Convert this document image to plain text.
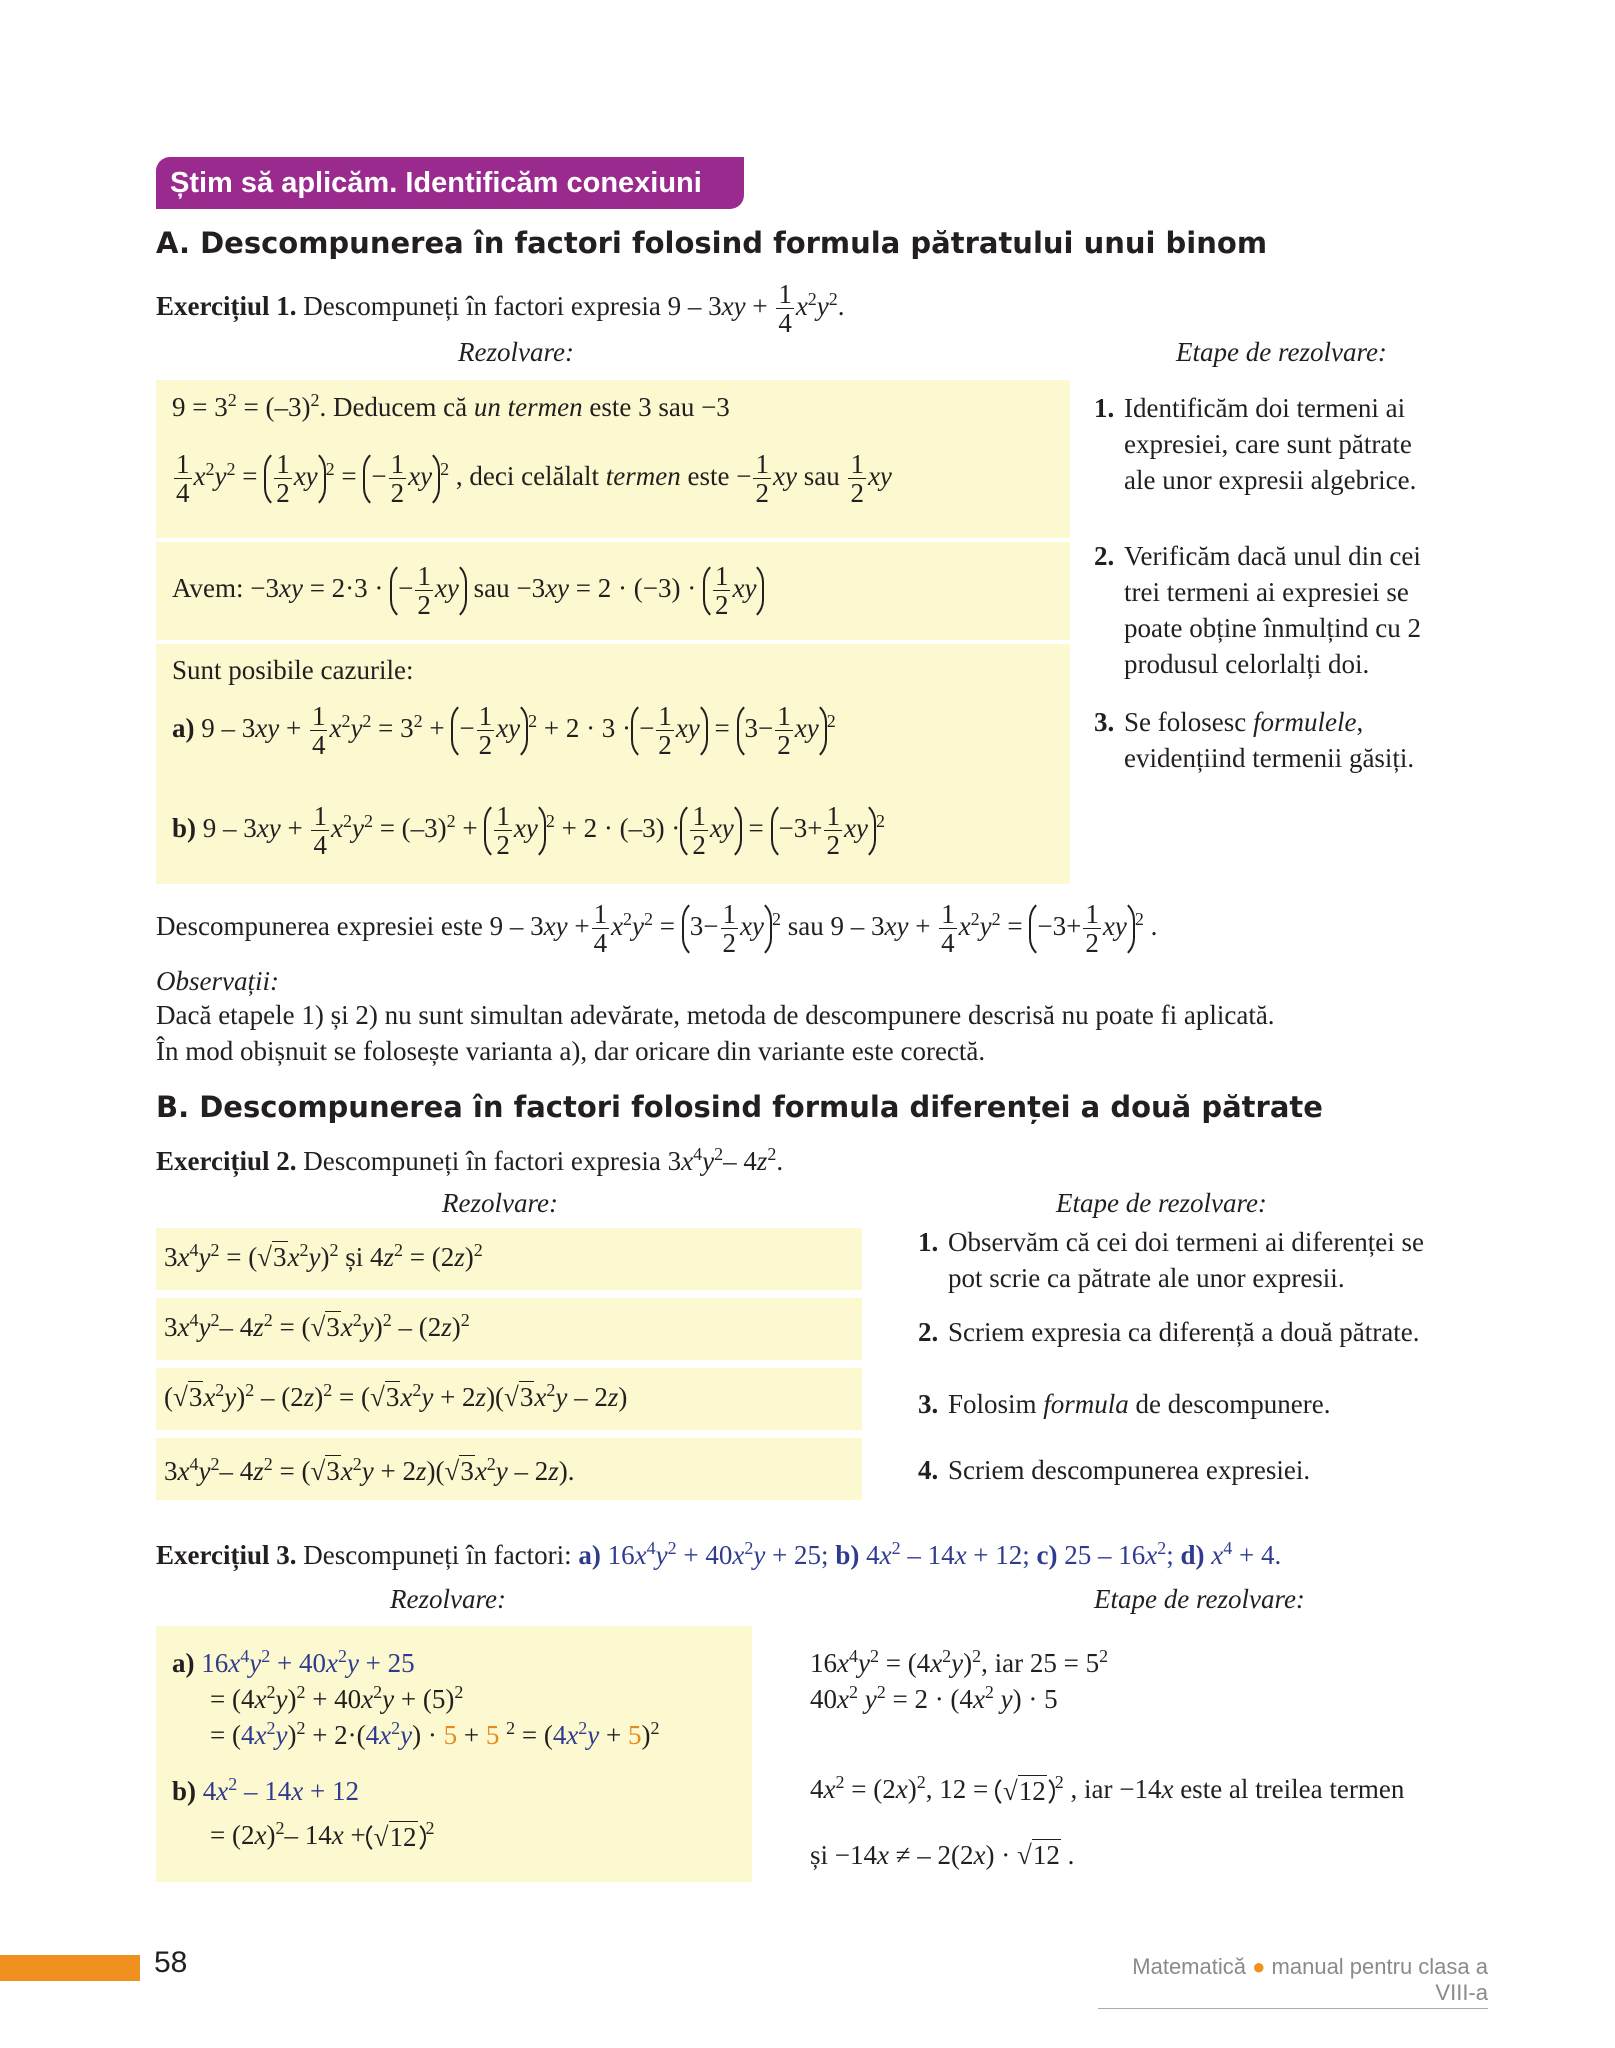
Știm să aplicăm. Identificăm conexiuni
A. Descompunerea în factori folosind formula pătratului unui binom
Exercițiul 1. Descompuneți în factori expresia $9 - 3xy + \frac{1}{4} x^2y^2$.
Rezolvare:	Etape de rezolvare:
$9 = 3^2 = (-3)^2$. Deducem că un termen este 3 sau −3
$\frac{1}{4} x^2y^2 = \frac{1}{2}$ xy $^2$ = − $\frac{1}{2}$ xy $^2$ , deci celălalt termen este − $\frac{1}{2}$ xy sau $\frac{1}{2}$ xy
Avem: −3xy = 2·3 · − $\frac{1}{2}$ xy sau $-3xy = 2 \cdot (-3) \cdot \frac{1}{2}$ xy
Sunt posibile cazurile:
a) $9 - 3xy + \frac{1}{4} x^2y^2 = 3^2$ + − $\frac{1}{2}$ xy $^2$ + 2 · 3 · − $\frac{1}{2}$ xy = $3- \frac{1}{2}$ xy $^2$
b) $9 - 3xy + \frac{1}{4} x^2y^2 = (-3)^2 + \frac{1}{2}$ xy $^2 + 2 \cdot (-3) \cdot \frac{1}{2}$ xy = $-3+ \frac{1}{2}$ xy $^2$
1. Identificăm doi termeni ai
expresiei, care sunt pătrate
ale unor expresii algebrice.
2. Verificăm dacă unul din cei
trei termeni ai expresiei se
poate obține înmulțind cu 2
produsul celorlalți doi.
3. Se folosesc formulele,
evidențiind termenii găsiți.
Descompunerea expresiei este $9 - 3xy + \frac{1}{4} x^2y^2 = 3- \frac{1}{2}$ xy $^2$ sau $9 - 3xy + \frac{1}{4} x^2y^2 = -3+ \frac{1}{2}$ xy $^2$ .
Observații:
Dacă etapele 1) și 2) nu sunt simultan adevărate, metoda de descompunere descrisă nu poate fi aplicată.
În mod obișnuit se folosește varianta a), dar oricare din variante este corectă.
B. Descompunerea în factori folosind formula diferenței a două pătrate
Exercițiul 2. Descompuneți în factori expresia $3x^4y^2-$ $4z^2$.
Rezolvare:	Etape de rezolvare:
$3x^4y^2 = (√3x^2y)^2$ și $4z^2 = (2z)^2$
$3x^4y^2-$ $4z^2 = (√3x^2y)^2 - (2z)^2$
$(√3x^2y)^2 - (2z)^2 = (√3x^2y + 2z)(√3x^2y - 2z)$
$3x^4y^2-$ $4z^2 = (√3x^2y + 2z)(√3x^2y - 2z)$.
1. Observăm că cei doi termeni ai diferenței se
pot scrie ca pătrate ale unor expresii.
2. Scriem expresia ca diferență a două pătrate.
3. Folosim formula de descompunere.
4. Scriem descompunerea expresiei.
Exercițiul 3. Descompuneți în factori: a) $16x^4y^2 + 40x^2y + 25$; b) $4x^2 - 14x + 12$; c) $25 - 16x^2$; d) $x^4 + 4$.
Rezolvare:	Etape de rezolvare:
a) $16x^4y^2 + 40x^2y + 25$
= $(4x^2y)^2 + 40x^2y + (5)^2$
= $(4x^2y)^2 + 2\cdot(4x^2y) \cdot 5 + 5$ $^2 = (4x^2y + 5)^2$
b) $4x^2 - 14x + 12$
= $(2x)^2-$ 14x + √12 $^2$
$16x^4y^2 = (4x^2y)^2$, iar $25 = 5^2$
$40x^2$ $y^2 = 2 \cdot (4x^2$ y) · 5
$4x^2 = (2x)^2$, 12 = √12 $^2$ , iar −14x este al treilea termen
și −14x ≠ – 2(2x) · √12 .
58	Matematică ● manual pentru clasa a VIII-a
